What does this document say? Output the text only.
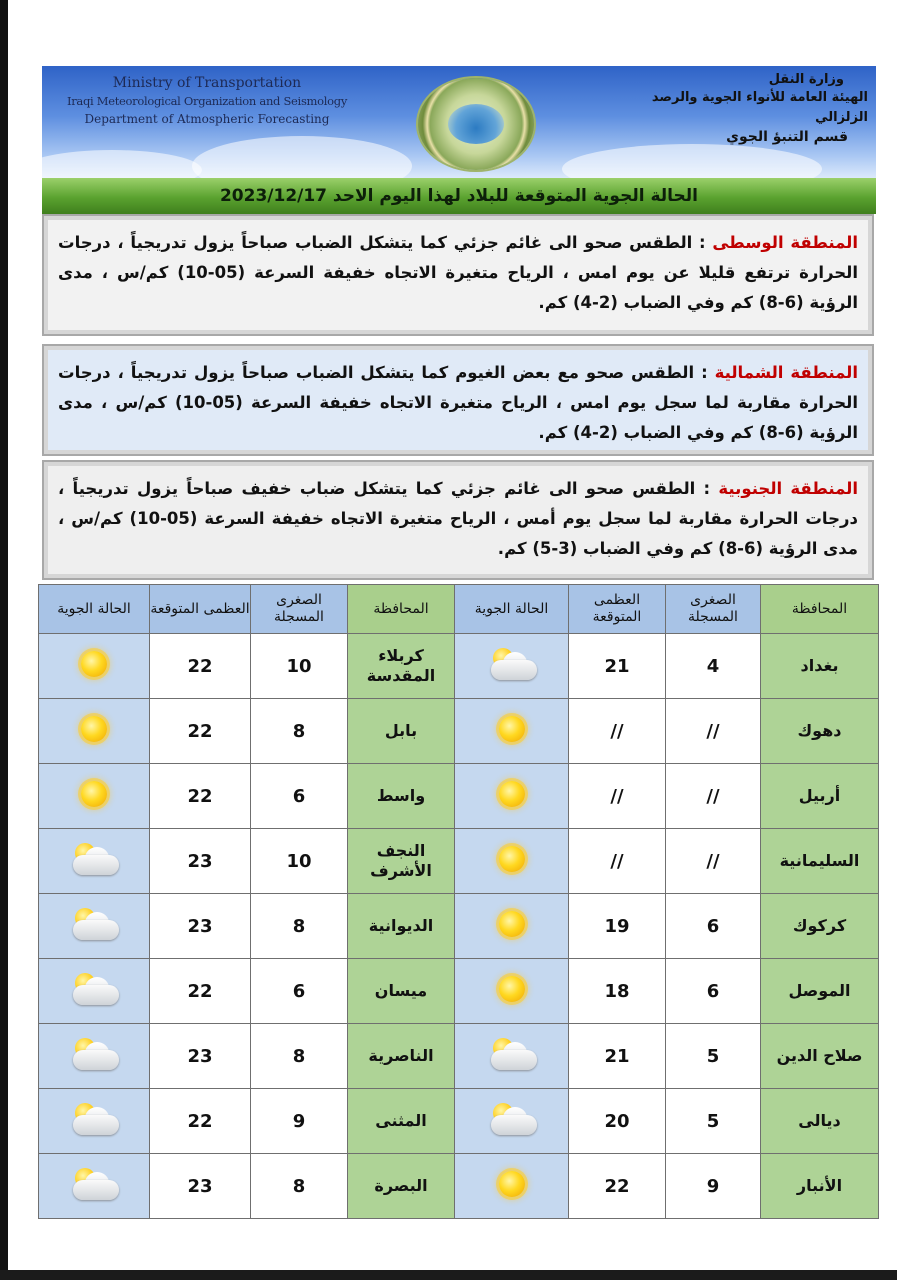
Ministry of Transportation
Iraqi Meteorological Organization and Seismology
Department of Atmospheric Forecasting
وزارة النقل
الهيئة العامة للأنواء الجوية والرصد الزلزالي
قسم التنبؤ الجوي
الحالة الجوية المتوقعة للبلاد لهذا اليوم الاحد 2023/12/17
المنطقة الوسطى : الطقس صحو الى غائم جزئي كما يتشكل الضباب صباحاً يزول تدريجياً ، درجات الحرارة ترتفع قليلا عن يوم امس ، الرياح متغيرة الاتجاه خفيفة السرعة (05-10) كم/س ، مدى الرؤية (6-8) كم وفي الضباب (2-4) كم.
المنطقة الشمالية : الطقس صحو مع بعض الغيوم كما يتشكل الضباب صباحاً يزول تدريجياً ، درجات الحرارة مقاربة لما سجل يوم امس ، الرياح متغيرة الاتجاه خفيفة السرعة (05-10) كم/س ، مدى الرؤية (6-8) كم وفي الضباب (2-4) كم.
المنطقة الجنوبية : الطقس صحو الى غائم جزئي كما يتشكل ضباب خفيف صباحاً يزول تدريجياً ، درجات الحرارة مقاربة لما سجل يوم أمس ، الرياح متغيرة الاتجاه خفيفة السرعة (05-10) كم/س ، مدى الرؤية (6-8) كم وفي الضباب (3-5) كم.
المحافظة	الصغرى المسجلة	العظمى المتوقعة	الحالة الجوية	المحافظة	الصغرى المسجلة	العظمى المتوقعة	الحالة الجوية
بغداد	4	21		كربلاء المقدسة	10	22	
دهوك	//	//		بابل	8	22	
أربيل	//	//		واسط	6	22	
السليمانية	//	//		النجف الأشرف	10	23	

كركوك	6	19		الديوانية	8	23	

الموصل	6	18		ميسان	6	22	

صلاح الدين	5	21		الناصرية	8	23	

ديالى	5	20		المثنى	9	22	

الأنبار	9	22		البصرة	8	23	
